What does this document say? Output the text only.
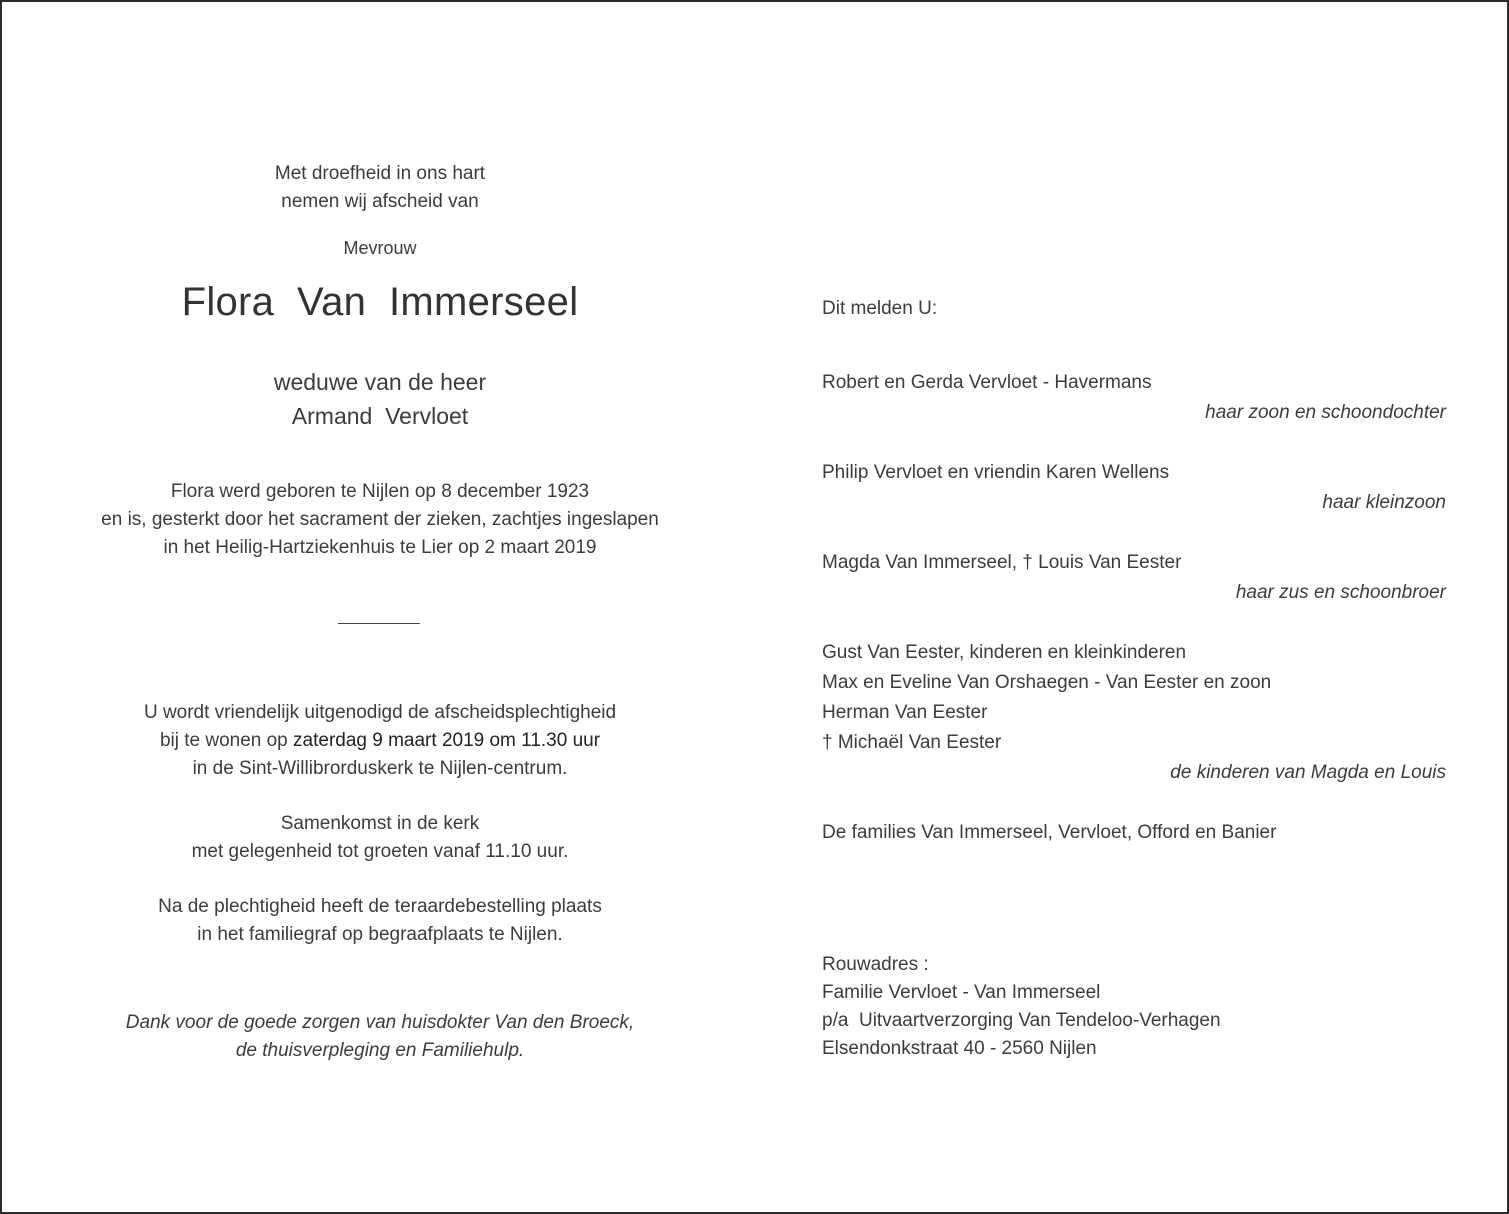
Met droefheid in ons hart
nemen wij afscheid van
Mevrouw
Flora  Van  Immerseel
weduwe van de heer
Armand  Vervloet
Flora werd geboren te Nijlen op 8 december 1923
en is, gesterkt door het sacrament der zieken, zachtjes ingeslapen
in het Heilig-Hartziekenhuis te Lier op 2 maart 2019
U wordt vriendelijk uitgenodigd de afscheidsplechtigheid
bij te wonen op zaterdag 9 maart 2019 om 11.30 uur
in de Sint-Willibrorduskerk te Nijlen-centrum.
Samenkomst in de kerk
met gelegenheid tot groeten vanaf 11.10 uur.
Na de plechtigheid heeft de teraardebestelling plaats
in het familiegraf op begraafplaats te Nijlen.
Dank voor de goede zorgen van huisdokter Van den Broeck,
de thuisverpleging en Familiehulp.
Dit melden U:
Robert en Gerda Vervloet - Havermans
haar zoon en schoondochter
Philip Vervloet en vriendin Karen Wellens
haar kleinzoon
Magda Van Immerseel, † Louis Van Eester
haar zus en schoonbroer
Gust Van Eester, kinderen en kleinkinderen
Max en Eveline Van Orshaegen - Van Eester en zoon
Herman Van Eester
† Michaël Van Eester
de kinderen van Magda en Louis
De families Van Immerseel, Vervloet, Offord en Banier
Rouwadres :
Familie Vervloet - Van Immerseel
p/a  Uitvaartverzorging Van Tendeloo-Verhagen
Elsendonkstraat 40 - 2560 Nijlen
